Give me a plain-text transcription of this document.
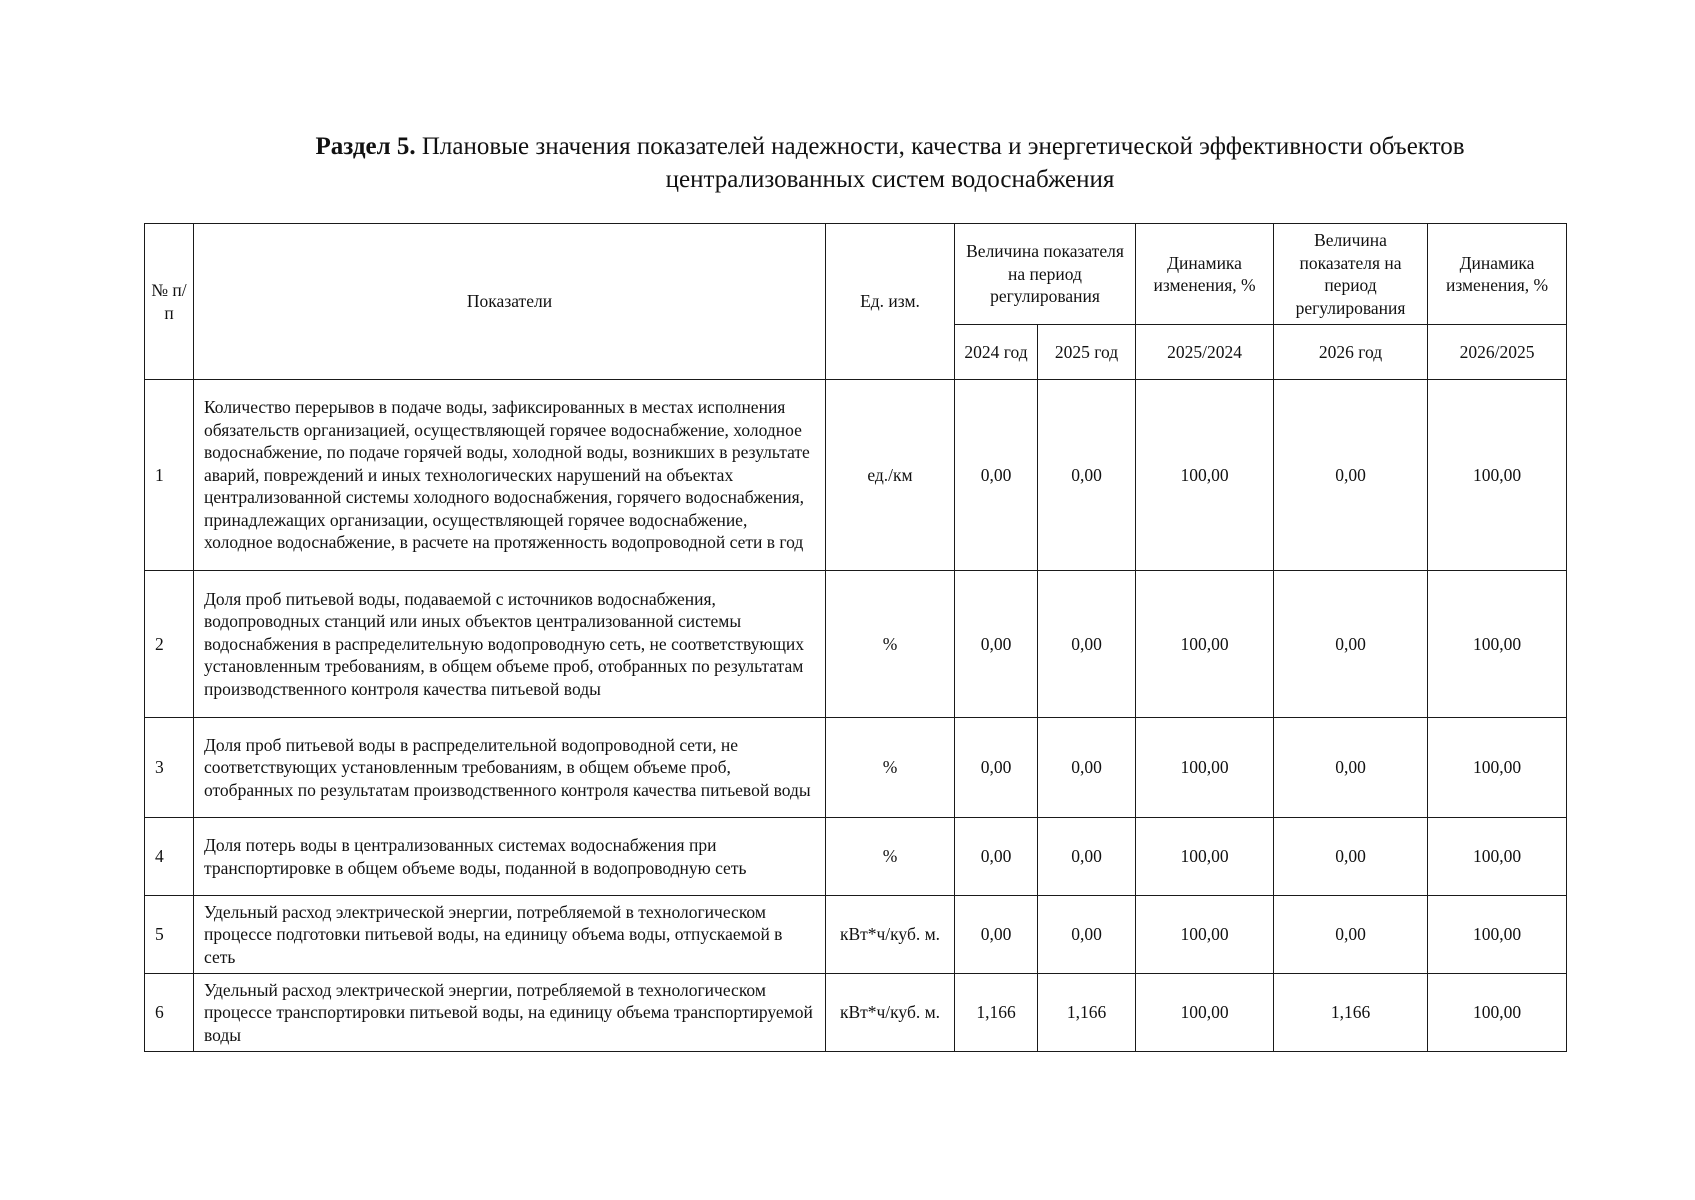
Раздел 5. Плановые значения показателей надежности, качества и энергетической эффективности объектов
централизованных систем водоснабжения
№ п/п	Показатели	Ед. изм.	Величина показателя на период регулирования		Динамика изменения, %	Величина показателя на период регулирования	Динамика изменения, %
			2024 год	2025 год	2025/2024	2026 год	2026/2025
1	Количество перерывов в подаче воды, зафиксированных в местах исполнения обязательств организацией, осуществляющей горячее водоснабжение, холодное водоснабжение, по подаче горячей воды, холодной воды, возникших в результате аварий, повреждений и иных технологических нарушений на объектах централизованной системы холодного водоснабжения, горячего водоснабжения, принадлежащих организации, осуществляющей горячее водоснабжение, холодное водоснабжение, в расчете на протяженность водопроводной сети в год	ед./км	0,00	0,00	100,00	0,00	100,00
2	Доля проб питьевой воды, подаваемой с источников водоснабжения, водопроводных станций или иных объектов централизованной системы водоснабжения в распределительную водопроводную сеть, не соответствующих установленным требованиям, в общем объеме проб, отобранных по результатам производственного контроля качества питьевой воды	%	0,00	0,00	100,00	0,00	100,00
3	Доля проб питьевой воды в распределительной водопроводной сети, не соответствующих установленным требованиям, в общем объеме проб, отобранных по результатам производственного контроля качества питьевой воды	%	0,00	0,00	100,00	0,00	100,00
4	Доля потерь воды в централизованных системах водоснабжения при транспортировке в общем объеме воды, поданной в водопроводную сеть	%	0,00	0,00	100,00	0,00	100,00
5	Удельный расход электрической энергии, потребляемой в технологическом процессе подготовки питьевой воды, на единицу объема воды, отпускаемой в сеть	кВт*ч/куб. м.	0,00	0,00	100,00	0,00	100,00
6	Удельный расход электрической энергии, потребляемой в технологическом процессе транспортировки питьевой воды, на единицу объема транспортируемой воды	кВт*ч/куб. м.	1,166	1,166	100,00	1,166	100,00
